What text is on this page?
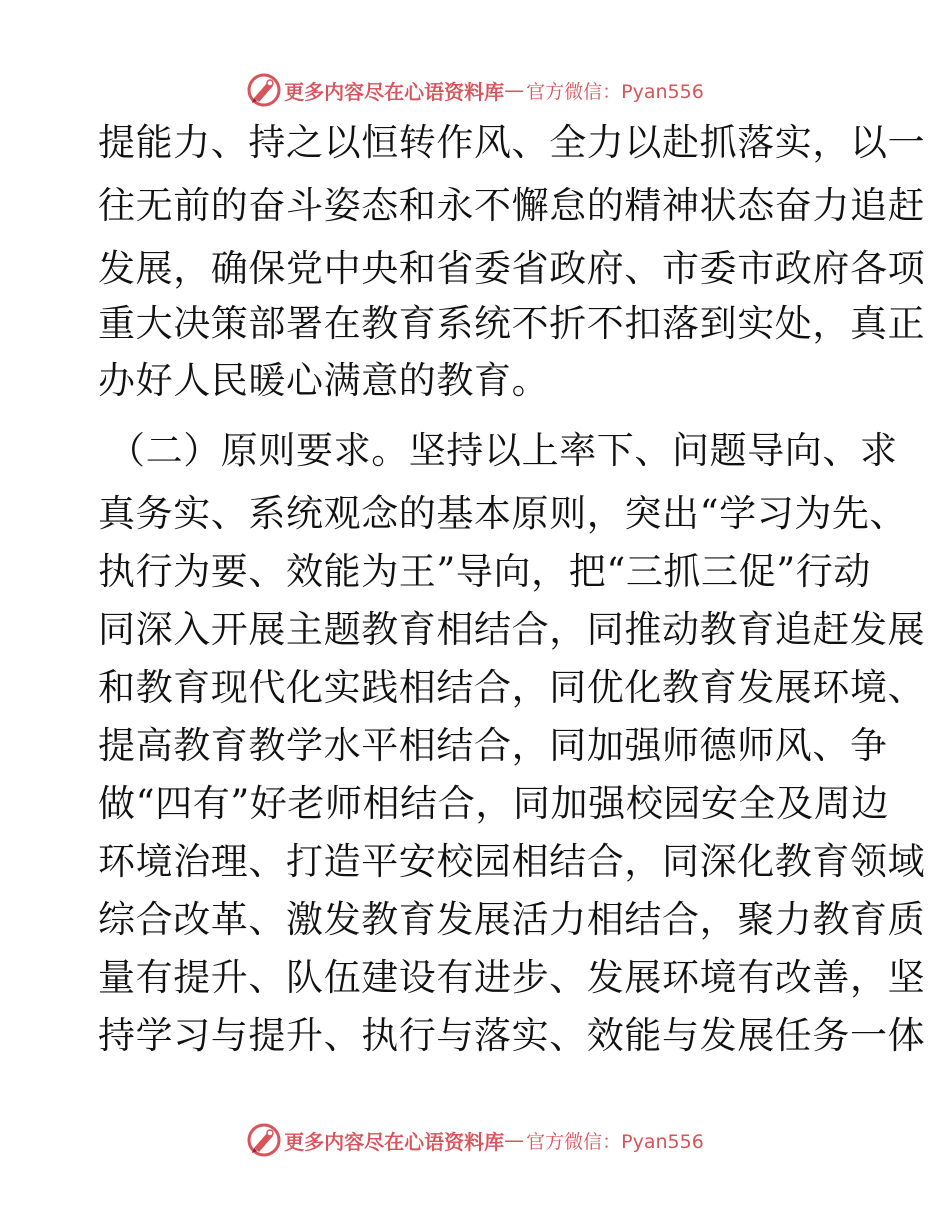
更多内容尽在心语资料库 — 官方微信：Pyan556
提能力、持之以恒转作风、全力以赴抓落实，以一
往无前的奋斗姿态和永不懈怠的精神状态奋力追赶
发展，确保党中央和省委省政府、市委市政府各项
重大决策部署在教育系统不折不扣落到实处，真正
办好人民暖心满意的教育。
（二）原则要求。坚持以上率下、问题导向、求
真务实、系统观念的基本原则，突出“学习为先、
执行为要、效能为王”导向，把“三抓三促”行动
同深入开展主题教育相结合，同推动教育追赶发展
和教育现代化实践相结合，同优化教育发展环境、
提高教育教学水平相结合，同加强师德师风、争
做“四有”好老师相结合，同加强校园安全及周边
环境治理、打造平安校园相结合，同深化教育领域
综合改革、激发教育发展活力相结合，聚力教育质
量有提升、队伍建设有进步、发展环境有改善，坚
持学习与提升、执行与落实、效能与发展任务一体
更多内容尽在心语资料库 — 官方微信：Pyan556
